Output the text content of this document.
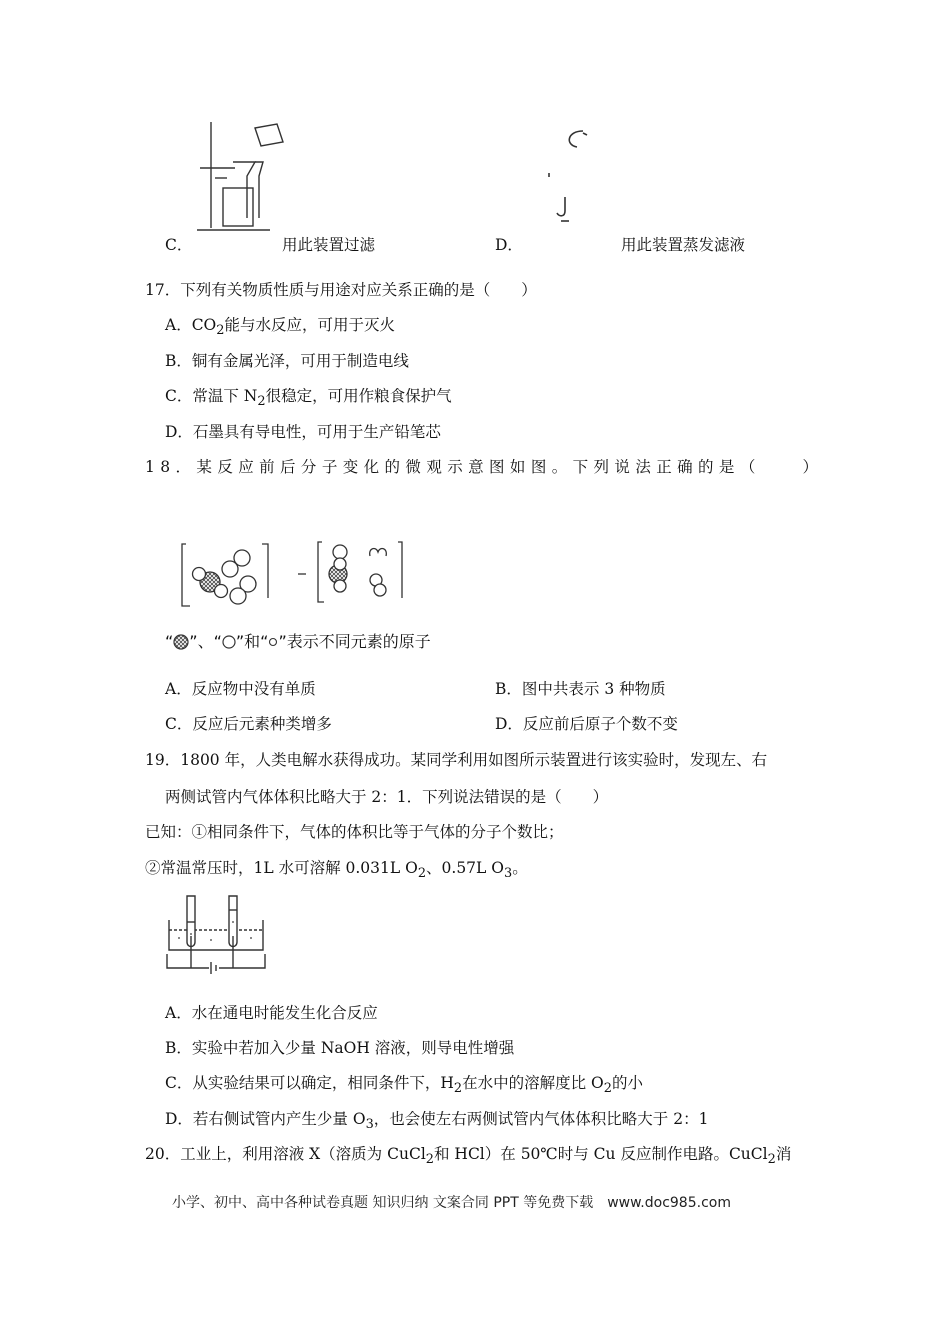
C．	用此装置过滤	D．	用此装置蒸发滤液
17．下列有关物质性质与用途对应关系正确的是（　　）
A．$CO_2$能与水反应，可用于灭火
B．铜有金属光泽，可用于制造电线
C．常温下 $N_2$很稳定，可用作粮食保护气
D．石墨具有导电性，可用于生产铅笔芯
18．某反应前后分子变化的微观示意图如图。下列说法正确的是（　　）
“ ”、“ ”和“ ”表示不同元素的原子
A．反应物中没有单质	B．图中共表示 3 种物质
C．反应后元素种类增多	D．反应前后原子个数不变
19．1800 年，人类电解水获得成功。某同学利用如图所示装置进行该实验时，发现左、右
两侧试管内气体体积比略大于 2：1．下列说法错误的是（　　）
已知：①相同条件下，气体的体积比等于气体的分子个数比；
②常温常压时，1L 水可溶解 0.031L $O_2$、0.57L $O_3$。
A．水在通电时能发生化合反应
B．实验中若加入少量 NaOH 溶液，则导电性增强
C．从实验结果可以确定，相同条件下，$H_2$在水中的溶解度比 $O_2$的小
D．若右侧试管内产生少量 $O_3$，也会使左右两侧试管内气体体积比略大于 2：1
20．工业上，利用溶液 X（溶质为 CuCl$_2$和 HCl）在 50℃时与 Cu 反应制作电路。CuCl$_2$消
小学、初中、高中各种试卷真题 知识归纳 文案合同 PPT 等免费下载　www.doc985.com
